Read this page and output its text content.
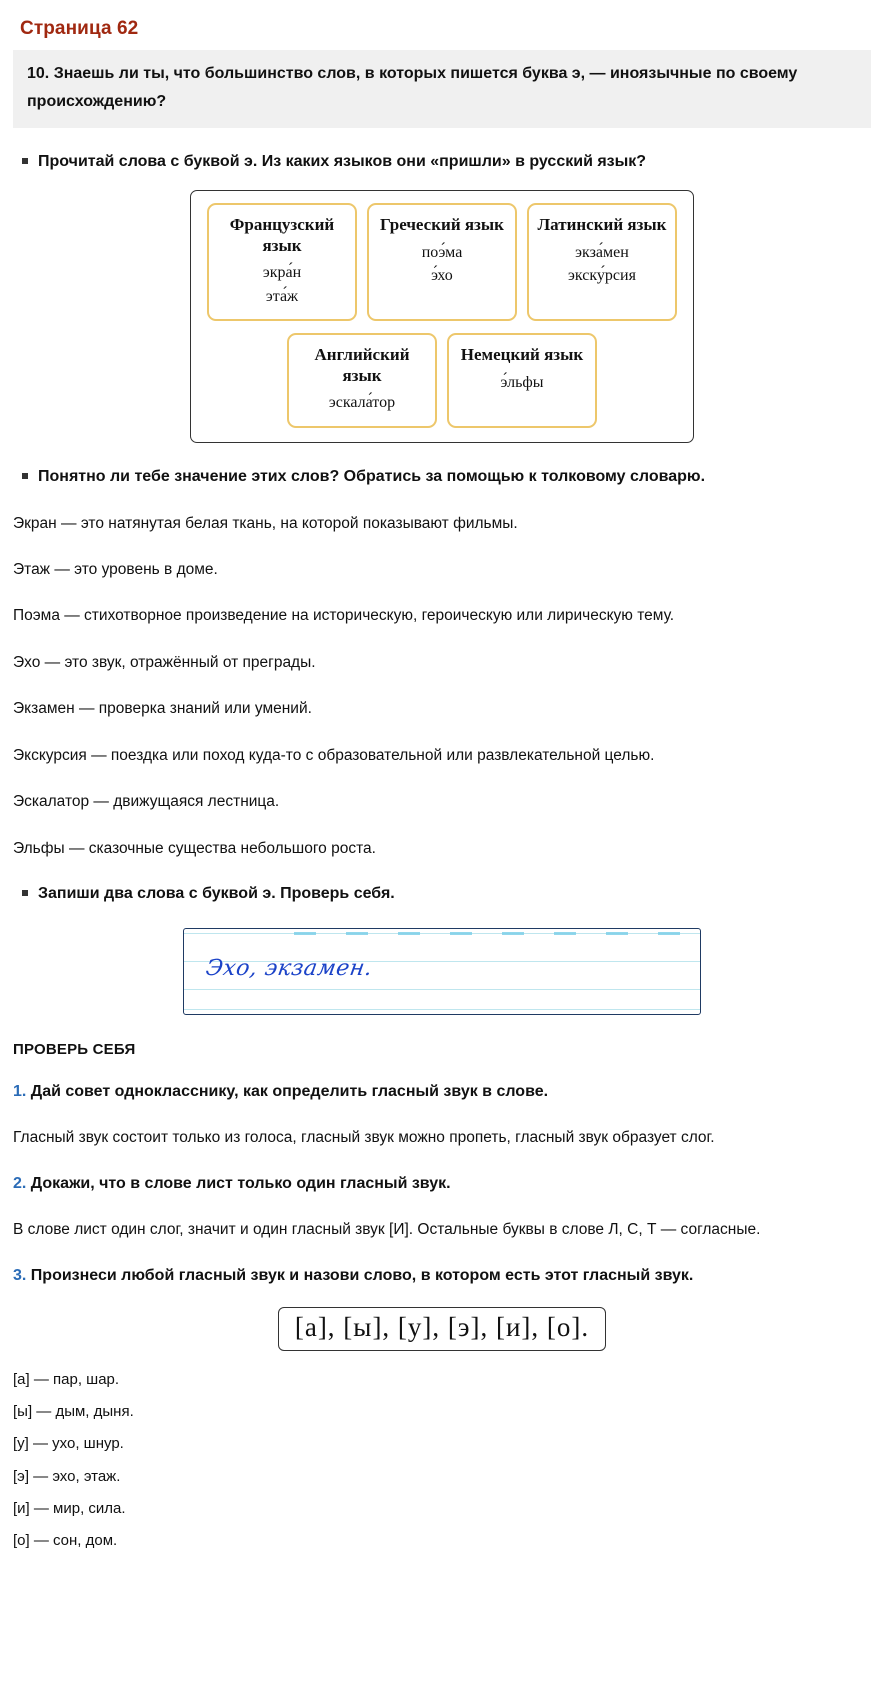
Страница 62
10. Знаешь ли ты, что большинство слов, в которых пишется буква э, — иноязычные по своему происхождению?
Прочитай слова с буквой э. Из каких языков они «пришли» в русский язык?
Французский язык
экра́н
эта́ж
Греческий язык
поэ́ма
э́хо
Латинский язык
экза́мен
экску́рсия
Английский язык
эскала́тор
Немецкий язык
э́льфы
Понятно ли тебе значение этих слов? Обратись за помощью к толковому словарю.
Экран — это натянутая белая ткань, на которой показывают фильмы.
Этаж — это уровень в доме.
Поэма — стихотворное произведение на историческую, героическую или лирическую тему.
Эхо — это звук, отражённый от преграды.
Экзамен — проверка знаний или умений.
Экскурсия — поездка или поход куда-то с образовательной или развлекательной целью.
Эскалатор — движущаяся лестница.
Эльфы — сказочные существа небольшого роста.
Запиши два слова с буквой э. Проверь себя.
Эхо, экзамен.
ПРОВЕРЬ СЕБЯ
1. Дай совет однокласснику, как определить гласный звук в слове.
Гласный звук состоит только из голоса, гласный звук можно пропеть, гласный звук образует слог.
2. Докажи, что в слове лист только один гласный звук.
В слове лист один слог, значит и один гласный звук [И]. Остальные буквы в слове Л, С, Т — согласные.
3. Произнеси любой гласный звук и назови слово, в котором есть этот гласный звук.
[а], [ы], [у], [э], [и], [о].
[а] — пар, шар.
[ы] — дым, дыня.
[у] — ухо, шнур.
[э] — эхо, этаж.
[и] — мир, сила.
[о] — сон, дом.
